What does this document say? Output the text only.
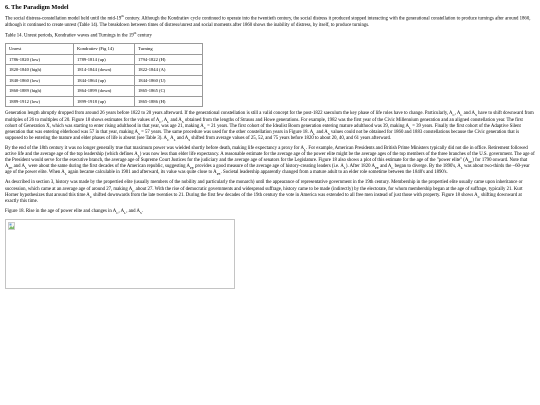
6. The Paradigm Model

The social distress-constellation model held until the mid-19th century. Although the Kondratiev cycle continued to operate into the twentieth century, the social distress it produced stopped interacting with the generational constellation to produce turnings after around 1860, although it continued to create unrest (Table 14). The breakdown between times of distress/unrest and social moments after 1860 shows the inability of distress, by itself, to produce turnings.

Table 14. Unrest periods, Kondratiev waves and Turnings in the 19th century

Unrest	Kondratiev (Fig 14)	Turning
1786-1820 (low)	1789-1814 (up)	1794-1822 (H)
1820-1840 (high)	1814-1844 (down)	1822-1844 (A)
1840-1860 (low)	1844-1864 (up)	1844-1860 (U)
1860-1889 (high)	1864-1899 (down)	1865-1865 (C)
1889-1912 (low)	1899-1918 (up)	1865-1886 (H)

Generation length abruptly dropped from around 26 years before 1822 to 20 years afterward. If the generational constellation is still a valid concept for the post-1822 saeculum the key phase of life roles have to change. Particularly, $A_C$, $A_L$ and $A_S$ have to shift downward from multiples of 26 to multiples of 20. Figure 18 shows estimates for the values of $A_C$, $A_L$ and $A_S$ obtained from the lengths of Strauss and Howe generations. For example, 1982 was the first year of the Civic Millennium generation and an aligned constellation year. The first cohort of Generation X, which was starting to enter rising adulthood in that year, was age 21, making $A_C = 21$ years. The first cohort of the Idealist Boom generation entering mature adulthood was 39, making $A_L = 39$ years. Finally the first cohort of the Adaptive Silent generation that was entering elderhood was 57 in that year, making $A_S = 57$ years. The same procedure was used for the other constellation years in Figure 18. $A_L$ and $A_S$ values could not be obtained for 1860 and 1883 constellations because the Civic generation that is supposed to be entering the mature and elder phases of life is absent (see Table 3). $A_C$ $A_L$ and $A_S$ shifted from average values of 25, 52, and 75 years before 1820 to about 20, 40, and 61 years afterward.

By the end of the 18th century it was no longer generally true that maximum power was wielded shortly before death, making life expectancy a proxy for $A_L$. For example, American Presidents and British Prime Ministers typically did not die in office. Retirement followed active life and the average age of the top leadership (which defines $A_L$) was now less than elder life expectancy. A reasonable estimate for the average age of the power elite might be the average ages of the top members of the three branches of the U.S. government. The age of the President would serve for the executive branch, the average age of Supreme Court Justices for the judiciary and the average age of senators for the Legislature. Figure 18 also shows a plot of this estimate for the age of the "power elite" $(A_{PE})$ for 1790 onward. Note that $A_{PE}$ and $A_L$ were about the same during the first decades of the American republic, suggesting $A_{PE}$ provides a good measure of the average age of history-creating leaders (i.e. $A_L$). After 1820 $A_{PE}$ and $A_L$ began to diverge. By the 1890's, $A_L$ was about two-thirds the ~60-year age of the power elite. When $A_L$ again became calculable in 1901 and afterward, its value was quite close to $A_{PE}$. Societal leadership apparently changed from a mature adult to an elder role sometime between the 1840's and 1890's.

As described in section 3, history was made by the propertied elite (usually members of the nobility and particularly the monarch) until the appearance of representative government in the 19th century. Membership in the propertied elite usually came upon inheritance or succession, which came at an average age of around 27, making $A_C$ about 27. With the rise of democratic governments and widespread suffrage, history came to be made (indirectly) by the electorate, for whom membership began at the age of suffrage, typically 21. Kurt Horner hypothesizes that around this time $A_C$ shifted downwards from the late twenties to 21. During the first few decades of the 19th century the vote in America was extended to all free men instead of just those with property. Figure 18 shows $A_C$ shifting downward at exactly this time.

Figure 18. Rise in the age of power elite and changes in $A_C$, $A_L$, and $A_S$.
